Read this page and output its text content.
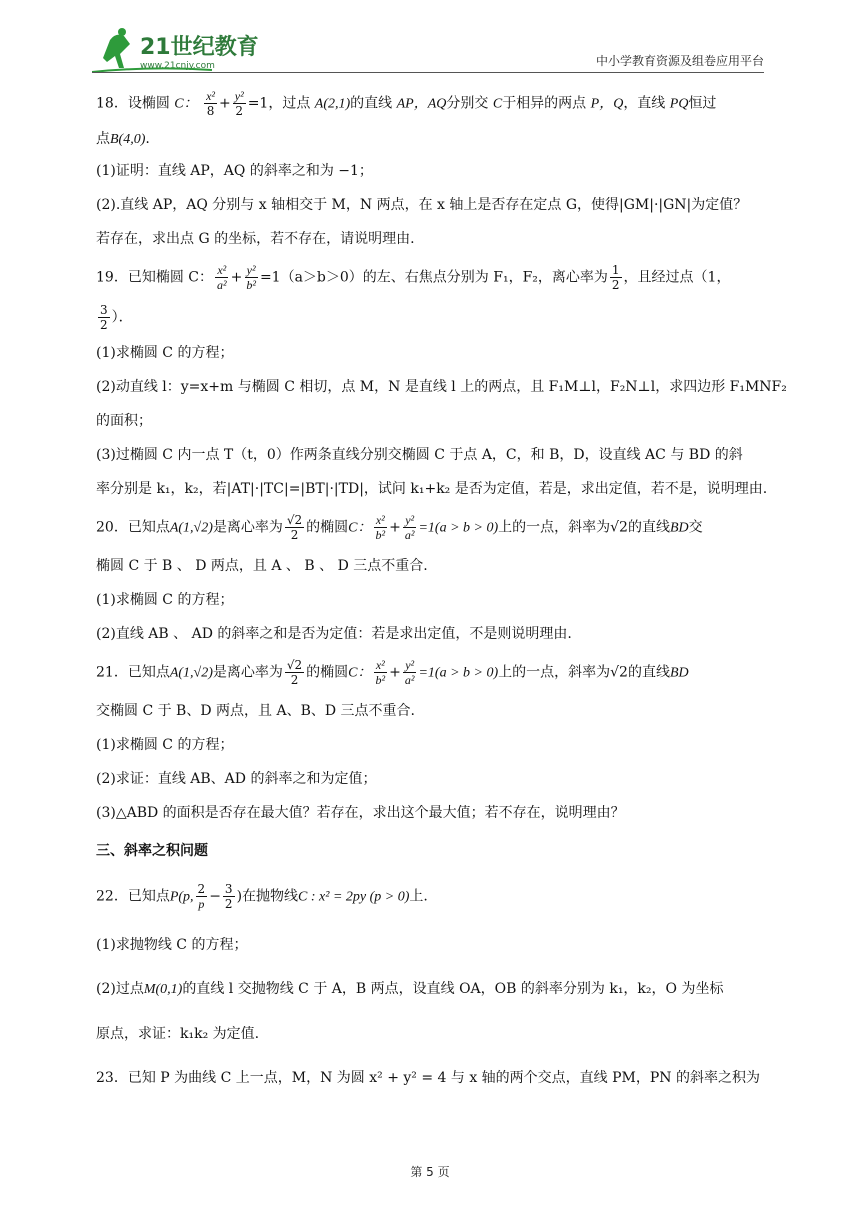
21世纪教育
www.21cnjy.com	中小学教育资源及组卷应用平台
18．设椭圆 C： $\frac{\text{x²}}{8} + \frac{\text{y²}}{2} =1$，过点 A(2,1)的直线 AP，AQ分别交 C于相异的两点 P，Q，直线 PQ恒过
点B(4,0).
(1)证明：直线 AP，AQ 的斜率之和为 −1；
(2).直线 AP，AQ 分别与 x 轴相交于 M，N 两点，在 x 轴上是否存在定点 G，使得|GM|·|GN|为定值？
若存在，求出点 G 的坐标，若不存在，请说明理由.
19．已知椭圆 C： $\frac{\text{x²}}{\text{a²}} + \frac{\text{y²}}{\text{b²}} =1(a>b>0)$的左、右焦点分别为 F₁，F₂，离心率为 $\frac{1}{2}$ ，且经过点（1，
$\frac{3}{2}$ ）．
(1)求椭圆 C 的方程；
(2)动直线 l：y=x+m 与椭圆 C 相切，点 M，N 是直线 l 上的两点，且 F₁M⊥l，F₂N⊥l，求四边形 F₁MNF₂
的面积；
(3)过椭圆 C 内一点 T（t，0）作两条直线分别交椭圆 C 于点 A，C，和 B，D，设直线 AC 与 BD 的斜
率分别是 k₁，k₂，若|AT|·|TC|=|BT|·|TD|，试问 k₁+k₂ 是否为定值，若是，求出定值，若不是，说明理由.
20．已知点A(1,√2)是离心率为 $\frac{√2}{2}$ 的椭圆C： $\frac{\text{x²}}{\text{b²}} + \frac{\text{y²}}{\text{a²}} =1(a > b > 0)$上的一点，斜率为√2的直线BD交
椭圆 C 于 B 、 D 两点，且 A 、 B 、 D 三点不重合.
(1)求椭圆 C 的方程；
(2)直线 AB 、 AD 的斜率之和是否为定值：若是求出定值，不是则说明理由.
21．已知点A(1,√2)是离心率为 $\frac{√2}{2}$ 的椭圆C： $\frac{\text{x²}}{\text{b²}} + \frac{\text{y²}}{\text{a²}} =1(a > b > 0)$上的一点，斜率为√2的直线BD
交椭圆 C 于 B、D 两点，且 A、B、D 三点不重合.
(1)求椭圆 C 的方程；
(2)求证：直线 AB、AD 的斜率之和为定值；
(3)△ABD 的面积是否存在最大值？若存在，求出这个最大值；若不存在，说明理由？
三、斜率之积问题
22．已知点P(p, $\frac{2}{p} - \frac{3}{2}$ )在抛物线C : x² = 2py (p > 0)上.
(1)求抛物线 C 的方程；
(2)过点M(0,1)的直线 l 交抛物线 C 于 A，B 两点，设直线 OA，OB 的斜率分别为 k₁，k₂，O 为坐标
原点，求证：k₁k₂ 为定值.
23．已知 P 为曲线 C 上一点，M，N 为圆 x² + y² = 4 与 x 轴的两个交点，直线 PM，PN 的斜率之积为
第 5 页
